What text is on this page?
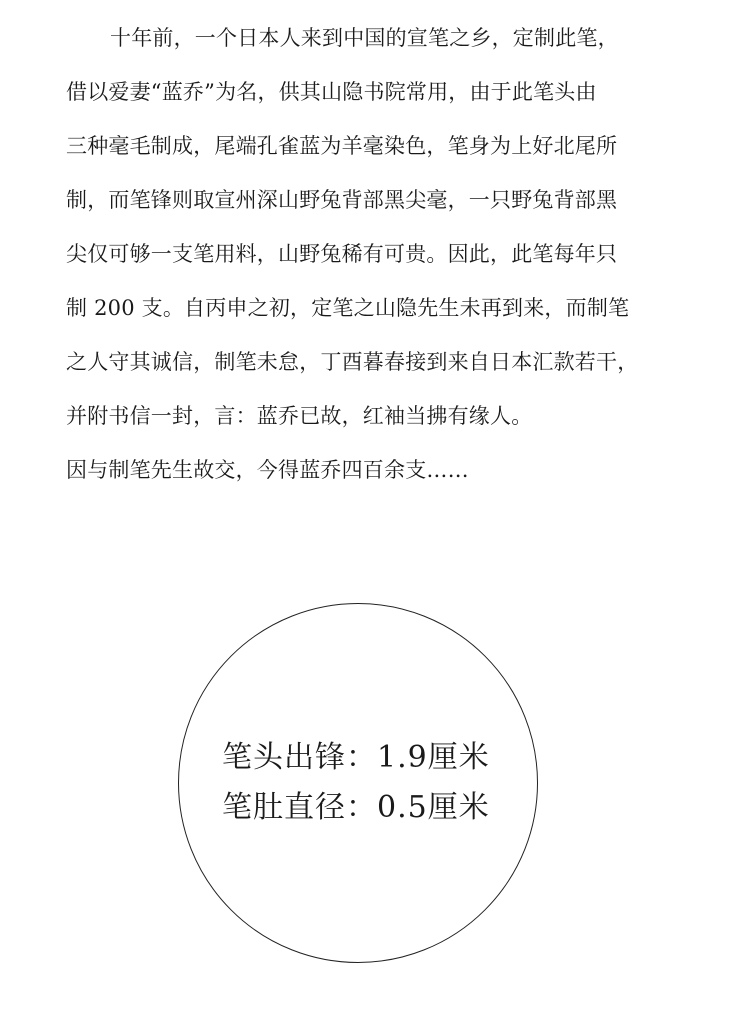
十年前，一个日本人来到中国的宣笔之乡，定制此笔，
借以爱妻“蓝乔”为名，供其山隐书院常用，由于此笔头由
三种毫毛制成，尾端孔雀蓝为羊毫染色，笔身为上好北尾所
制，而笔锋则取宣州深山野兔背部黑尖毫，一只野兔背部黑
尖仅可够一支笔用料，山野兔稀有可贵。因此，此笔每年只
制 200 支。自丙申之初，定笔之山隐先生未再到来，而制笔
之人守其诚信，制笔未怠，丁酉暮春接到来自日本汇款若干，
并附书信一封，言：蓝乔已故，红袖当拂有缘人。
因与制笔先生故交，今得蓝乔四百余支……
笔头出锋：1.9厘米
笔肚直径：0.5厘米
